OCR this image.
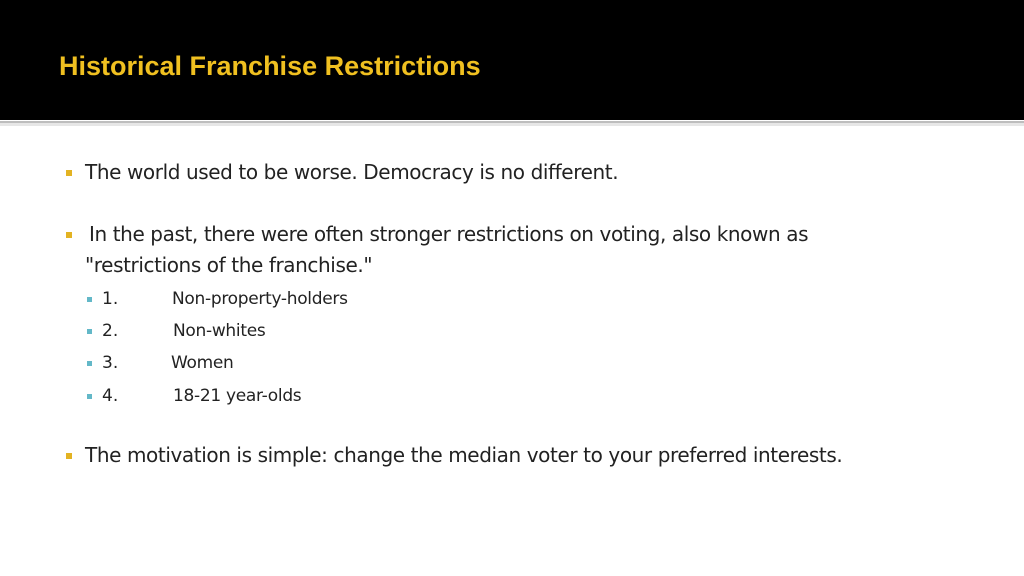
Historical Franchise Restrictions

The world used to be worse. Democracy is no different.

In the past, there were often stronger restrictions on voting, also known as

"restrictions of the franchise."

1.	Non-property-holders
2.	Non-whites
3.	Women
4.	18-21 year-olds

The motivation is simple: change the median voter to your preferred interests.
